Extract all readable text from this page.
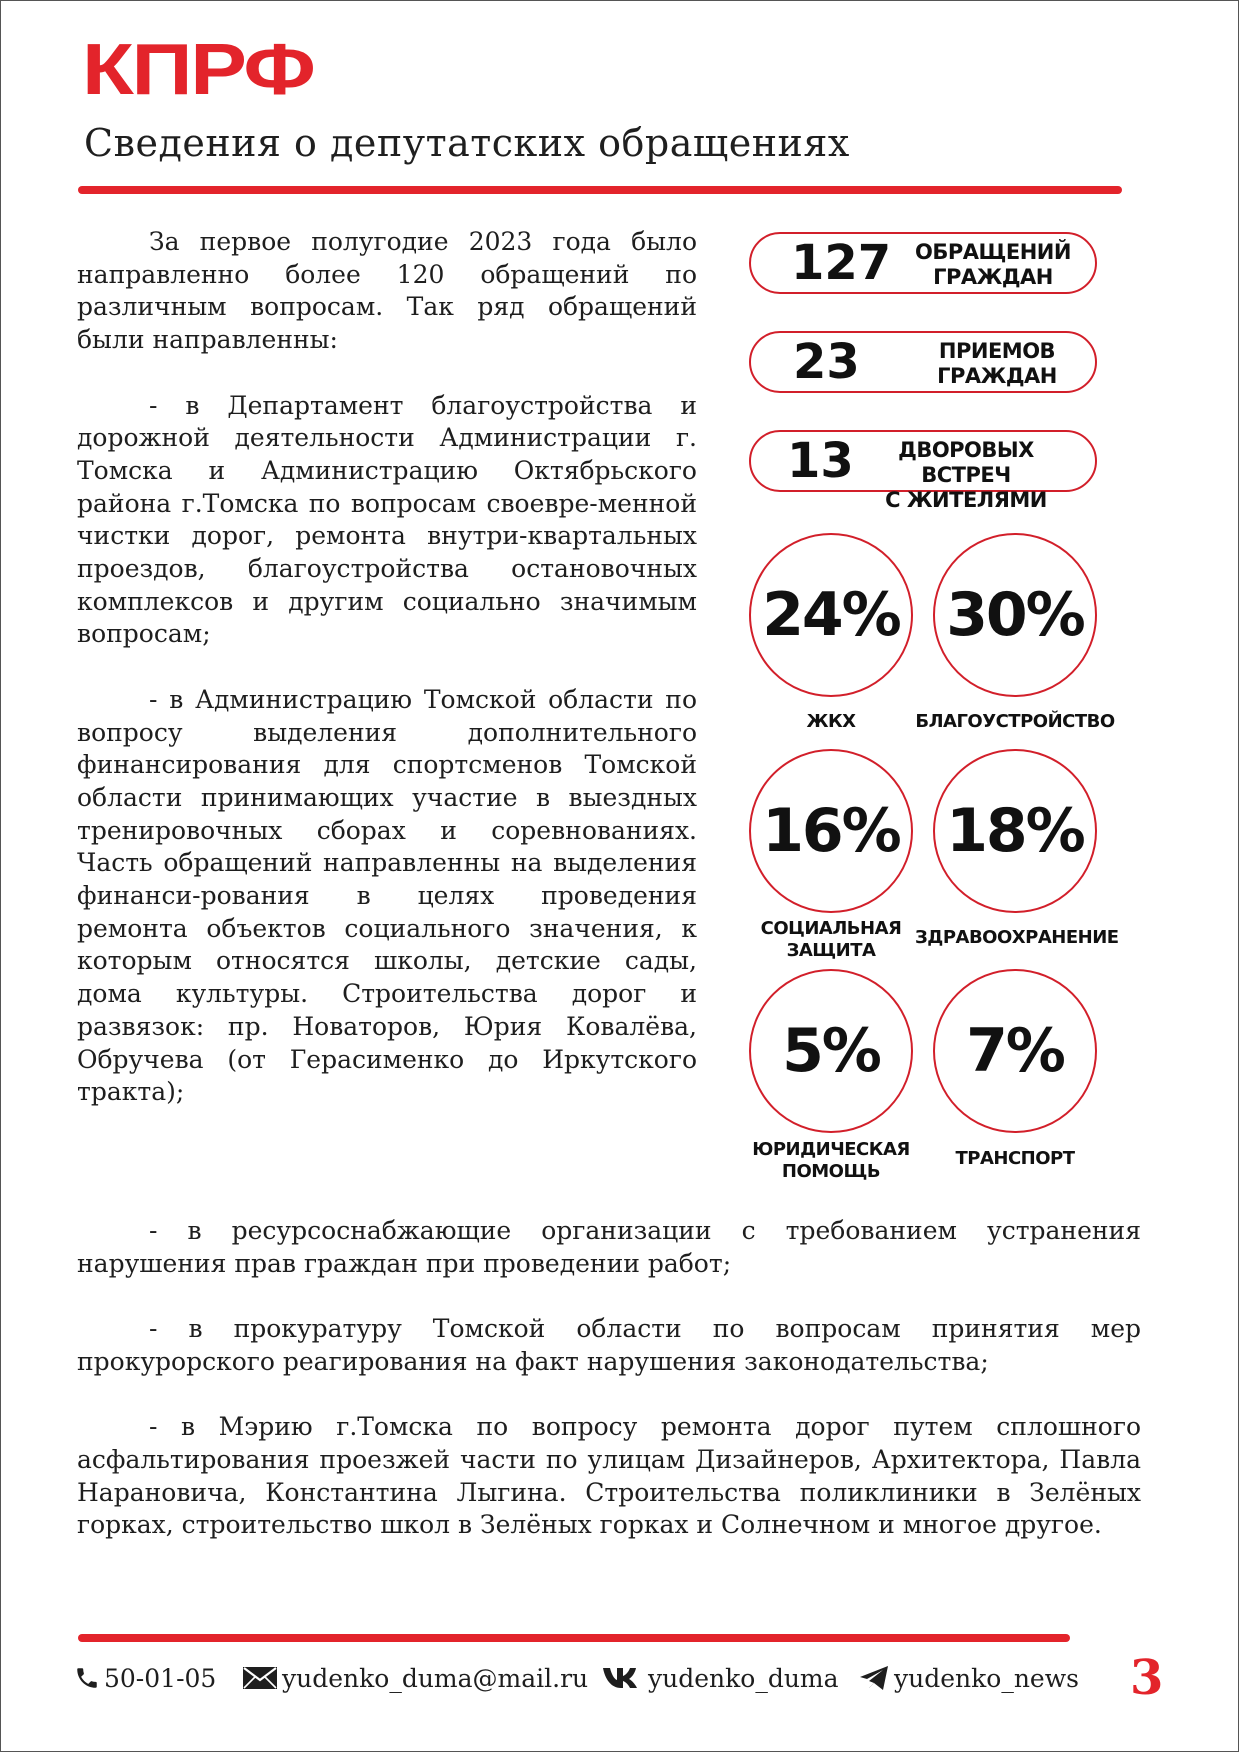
КПРФ
Сведения о депутатских обращениях

За первое полугодие 2023 года было направленно более 120 обращений по различным вопросам. Так ряд обращений были направленны:

- в Департамент благоустройства и дорожной деятельности Администрации г. Томска и Администрацию Октябрьского района г.Томска по вопросам своевре-менной чистки дорог, ремонта внутри-квартальных проездов, благоустройства остановочных комплексов и другим социально значимым вопросам;

- в Администрацию Томской области по вопросу выделения дополнительного финансирования для спортсменов Томской области принимающих участие в выездных тренировочных сборах и соревнованиях. Часть обращений направленны на выделения финанси-рования в целях проведения ремонта объектов социального значения, к которым относятся школы, детские сады, дома культуры. Строительства дорог и развязок: пр. Новаторов, Юрия Ковалёва, Обручева (от Герасименко до Иркутского тракта);

127 ОБРАЩЕНИЙ
ГРАЖДАН
23	ПРИЕМОВ
ГРАЖДАН
13	ДВОРОВЫХ ВСТРЕЧ
С ЖИТЕЛЯМИ
24% 30%
ЖКХ	БЛАГОУСТРОЙСТВО
16% 18%
СОЦИАЛЬНАЯ
ЗАЩИТА
ЗДРАВООХРАНЕНИЕ
5%	7%
ЮРИДИЧЕСКАЯ
ПОМОЩЬ
ТРАНСПОРТ

- в ресурсоснабжающие организации с требованием устранения нарушения прав граждан при проведении работ;

- в прокуратуру Томской области по вопросам принятия мер прокурорского реагирования на факт нарушения законодательства;

- в Мэрию г.Томска по вопросу ремонта дорог путем сплошного асфальтирования проезжей части по улицам Дизайнеров, Архитектора, Павла Нарановича, Константина Лыгина. Строительства поликлиники в Зелёных горках, строительство школ в Зелёных горках и Солнечном и многое другое.

50-01-05	yudenko_duma@mail.ru yudenko_duma yudenko_news 3
